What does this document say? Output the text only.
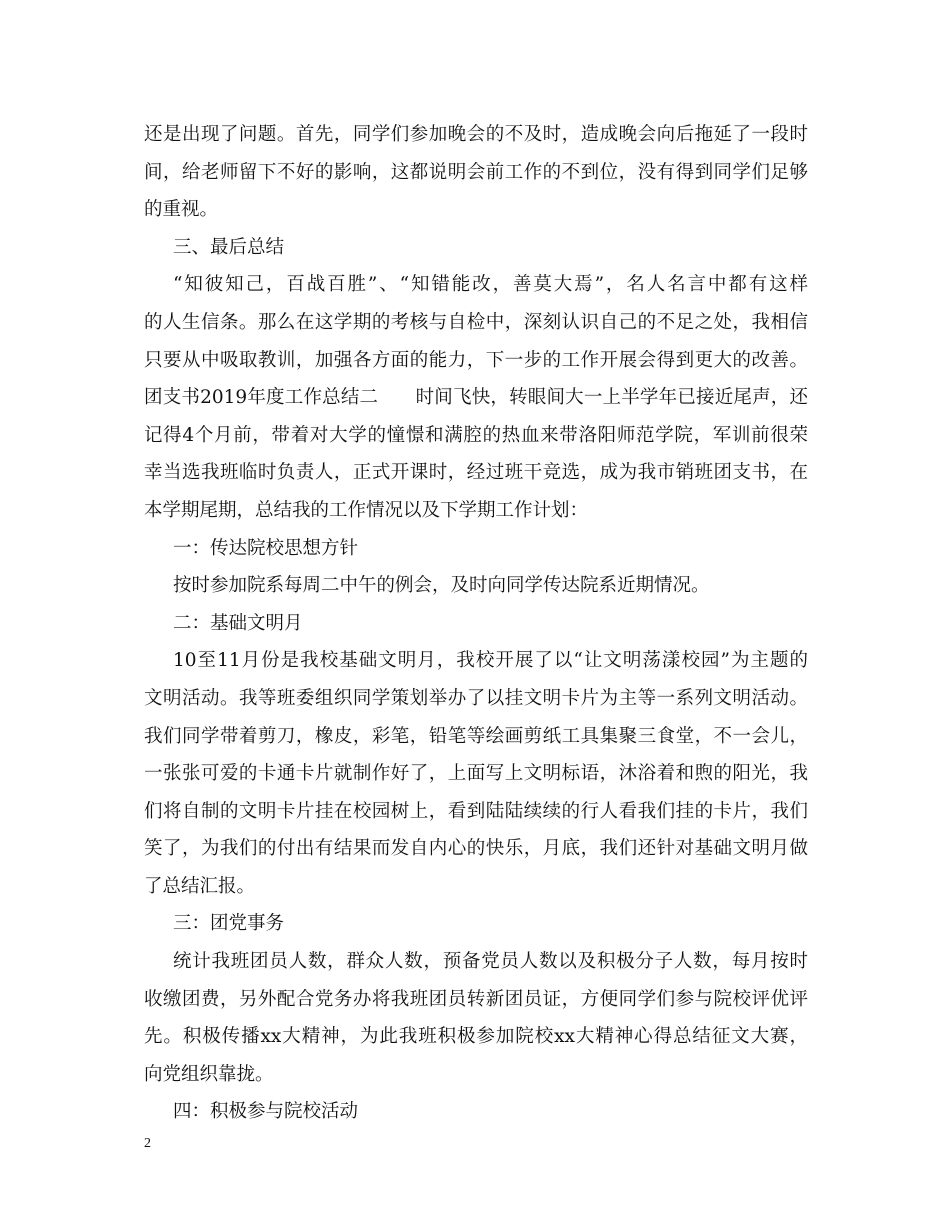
还是出现了问题。首先，同学们参加晚会的不及时，造成晚会向后拖延了一段时
间，给老师留下不好的影响，这都说明会前工作的不到位，没有得到同学们足够
的重视。
三、最后总结
“知彼知己，百战百胜”、“知错能改，善莫大焉”，名人名言中都有这样
的人生信条。那么在这学期的考核与自检中，深刻认识自己的不足之处，我相信
只要从中吸取教训，加强各方面的能力，下一步的工作开展会得到更大的改善。
团支书2019年度工作总结二　　时间飞快，转眼间大一上半学年已接近尾声，还
记得4个月前，带着对大学的憧憬和满腔的热血来带洛阳师范学院，军训前很荣
幸当选我班临时负责人，正式开课时，经过班干竞选，成为我市销班团支书，在
本学期尾期，总结我的工作情况以及下学期工作计划：
一：传达院校思想方针
按时参加院系每周二中午的例会，及时向同学传达院系近期情况。
二：基础文明月
10至11月份是我校基础文明月，我校开展了以“让文明荡漾校园”为主题的
文明活动。我等班委组织同学策划举办了以挂文明卡片为主等一系列文明活动。
我们同学带着剪刀，橡皮，彩笔，铅笔等绘画剪纸工具集聚三食堂，不一会儿，
一张张可爱的卡通卡片就制作好了，上面写上文明标语，沐浴着和煦的阳光，我
们将自制的文明卡片挂在校园树上，看到陆陆续续的行人看我们挂的卡片，我们
笑了，为我们的付出有结果而发自内心的快乐，月底，我们还针对基础文明月做
了总结汇报。
三：团党事务
统计我班团员人数，群众人数，预备党员人数以及积极分子人数，每月按时
收缴团费，另外配合党务办将我班团员转新团员证，方便同学们参与院校评优评
先。积极传播xx大精神，为此我班积极参加院校xx大精神心得总结征文大赛，
向党组织靠拢。
四：积极参与院校活动
2
